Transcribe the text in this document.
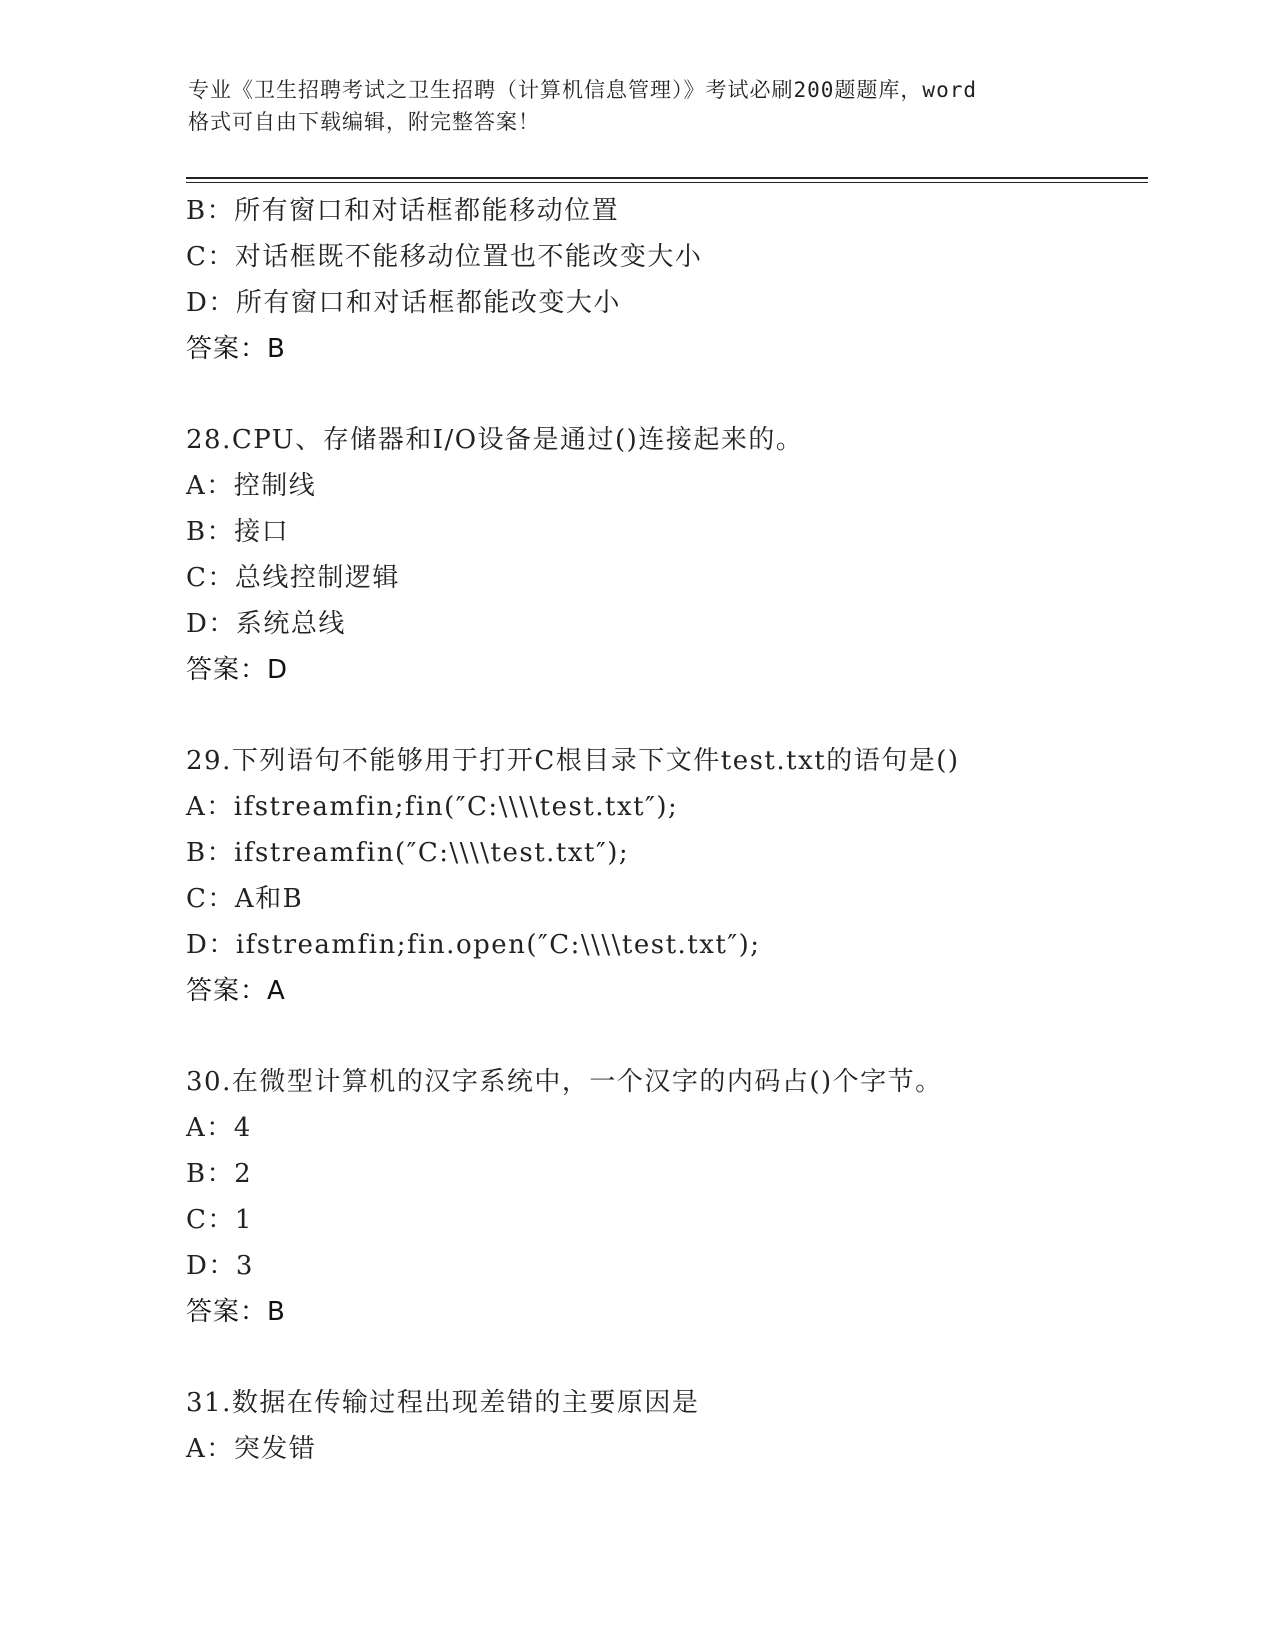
专业《卫生招聘考试之卫生招聘（计算机信息管理）》考试必刷200题题库，word
格式可自由下载编辑，附完整答案！
B：所有窗口和对话框都能移动位置
C：对话框既不能移动位置也不能改变大小
D：所有窗口和对话框都能改变大小
答案：B
28.CPU、存储器和I/O设备是通过()连接起来的。
A：控制线
B：接口
C：总线控制逻辑
D：系统总线
答案：D
29.下列语句不能够用于打开C根目录下文件test.txt的语句是()
A：ifstreamfin;fin(″C:\\\\test.txt″);
B：ifstreamfin(″C:\\\\test.txt″);
C：A和B
D：ifstreamfin;fin.open(″C:\\\\test.txt″);
答案：A
30.在微型计算机的汉字系统中，一个汉字的内码占()个字节。
A：4
B：2
C：1
D：3
答案：B
31.数据在传输过程出现差错的主要原因是
A：突发错
